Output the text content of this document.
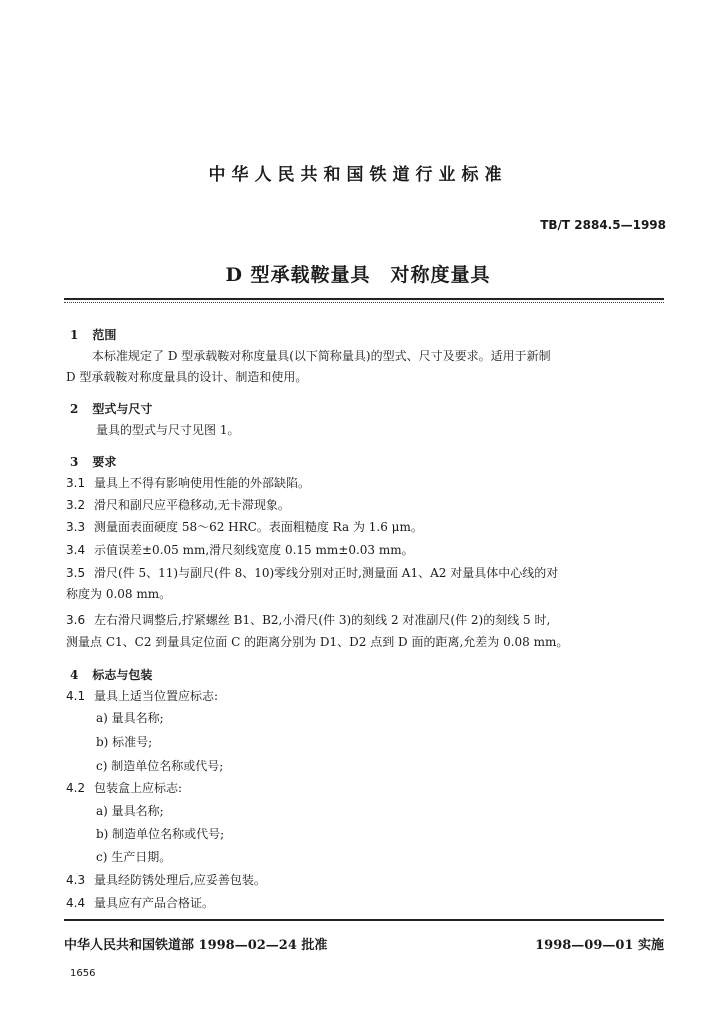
中华人民共和国铁道行业标准
TB/T 2884.5—1998
D 型承载鞍量具　对称度量具
1 范围
本标准规定了 D 型承载鞍对称度量具(以下简称量具)的型式、尺寸及要求。适用于新制
D 型承载鞍对称度量具的设计、制造和使用。
2 型式与尺寸
量具的型式与尺寸见图 1。
3 要求
3.1 量具上不得有影响使用性能的外部缺陷。
3.2 滑尺和副尺应平稳移动,无卡滞现象。
3.3 测量面表面硬度 58～62 HRC。表面粗糙度 Ra 为 1.6 μm。
3.4 示值误差±0.05 mm,滑尺刻线宽度 0.15 mm±0.03 mm。
3.5 滑尺(件 5、11)与副尺(件 8、10)零线分别对正时,测量面 A1、A2 对量具体中心线的对
称度为 0.08 mm。
3.6 左右滑尺调整后,拧紧螺丝 B1、B2,小滑尺(件 3)的刻线 2 对准副尺(件 2)的刻线 5 时,
测量点 C1、C2 到量具定位面 C 的距离分别为 D1、D2 点到 D 面的距离,允差为 0.08 mm。
4 标志与包装
4.1 量具上适当位置应标志:
a) 量具名称;
b) 标准号;
c) 制造单位名称或代号;
4.2 包装盒上应标志:
a) 量具名称;
b) 制造单位名称或代号;
c) 生产日期。
4.3 量具经防锈处理后,应妥善包装。
4.4 量具应有产品合格证。
中华人民共和国铁道部 1998—02—24 批准	1998—09—01 实施
1656
